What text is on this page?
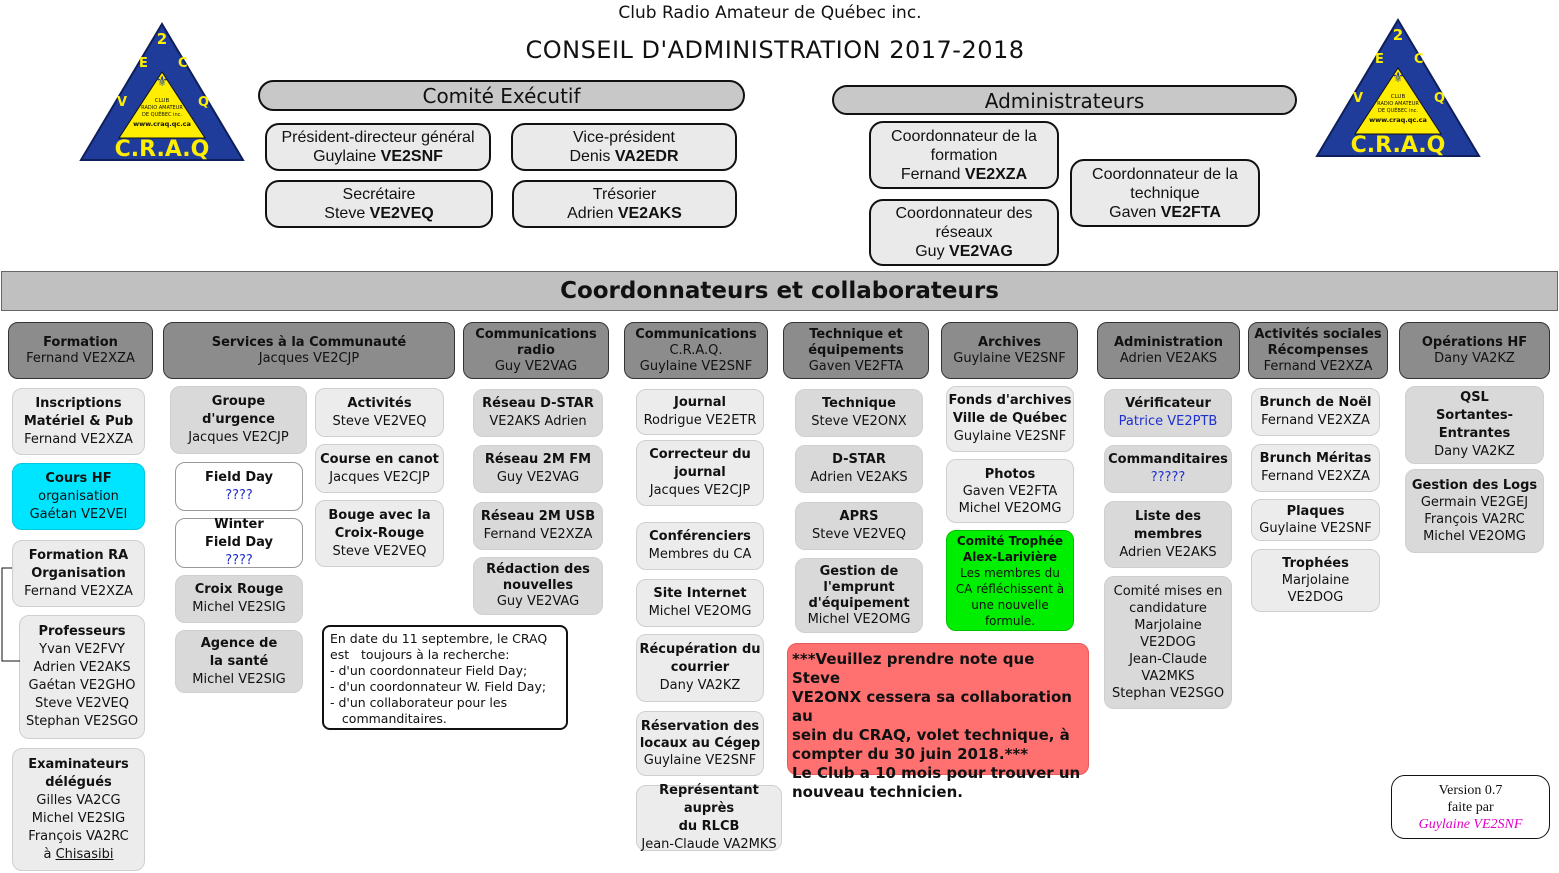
Club Radio Amateur de Québec inc.
CONSEIL D'ADMINISTRATION 2017-2018
2
E C
V	Q
⚜
CLUB
RADIO AMATEUR
DE QUÉBEC inc.
www.craq.qc.ca
C.R.A.Q
2
E C
V	Q
⚜
CLUB
RADIO AMATEUR
DE QUÉBEC inc.
www.craq.qc.ca
C.R.A.Q
Comité Exécutif
Président-directeur général
Guylaine VE2SNF
Vice-président
Denis VA2EDR
Secrétaire
Steve VE2VEQ
Trésorier
Adrien VE2AKS
Administrateurs
Coordonnateur de la
formation
Fernand VE2XZA	Coordonnateur de la
technique
Gaven VE2FTA
Coordonnateur des
réseaux
Guy VE2VAG
Coordonnateurs et collaborateurs
Formation
Fernand VE2XZA
Services à la Communauté
Jacques VE2CJP
Communications
radio
Guy VE2VAG
Communications
C.R.A.Q.
Guylaine VE2SNF
Technique et
équipements
Gaven VE2FTA
Archives
Guylaine VE2SNF
Administration
Adrien VE2AKS
Activités sociales
Récompenses
Fernand VE2XZA
Opérations HF
Dany VA2KZ
Inscriptions
Matériel & Pub
Fernand VE2XZA
Cours HF
organisation
Gaétan VE2VEI
Formation RA
Organisation
Fernand VE2XZA
Professeurs
Yvan VE2FVY
Adrien VE2AKS
Gaétan VE2GHO
Steve VE2VEQ
Stephan VE2SGO
Examinateurs
délégués
Gilles VA2CG
Michel VE2SIG
François VA2RC
à Chisasibi
Groupe
d'urgence
Jacques VE2CJP
Field Day
????
Winter
Field Day
????
Croix Rouge
Michel VE2SIG
Agence de
la santé
Michel VE2SIG
Activités
Steve VE2VEQ
Course en canot
Jacques VE2CJP
Bouge avec la
Croix-Rouge
Steve VE2VEQ
En date du 11 septembre, le CRAQ
est   toujours à la recherche:
- d'un coordonnateur Field Day;
- d'un coordonnateur W. Field Day;
- d'un collaborateur pour les
commanditaires.
Réseau D-STAR
VE2AKS Adrien
Réseau 2M FM
Guy VE2VAG
Réseau 2M USB
Fernand VE2XZA
Rédaction des
nouvelles
Guy VE2VAG
Journal
Rodrigue VE2ETR
Correcteur du
journal
Jacques VE2CJP
Conférenciers
Membres du CA
Site Internet
Michel VE2OMG
Récupération du
courrier
Dany VA2KZ
Réservation des
locaux au Cégep
Guylaine VE2SNF
Représentant auprès
du RLCB
Jean-Claude VA2MKS
Technique
Steve VE2ONX
D-STAR
Adrien VE2AKS
APRS
Steve VE2VEQ
Gestion de
l'emprunt
d'équipement
Michel VE2OMG
***Veuillez prendre note que Steve
VE2ONX cessera sa collaboration au
sein du CRAQ, volet technique, à
compter du 30 juin 2018.***
Le Club a 10 mois pour trouver un
nouveau technicien.
Fonds d'archives
Ville de Québec
Guylaine VE2SNF
Photos
Gaven VE2FTA
Michel VE2OMG
Comité Trophée
Alex-Larivière
Les membres du
CA réfléchissent à
une nouvelle
formule.
Vérificateur
Patrice VE2PTB
Commanditaires
?????
Liste des
membres
Adrien VE2AKS
Comité mises en
candidature
Marjolaine
VE2DOG
Jean-Claude
VA2MKS
Stephan VE2SGO
Brunch de Noël
Fernand VE2XZA
Brunch Méritas
Fernand VE2XZA
Plaques
Guylaine VE2SNF
Trophées
Marjolaine
VE2DOG
QSL
Sortantes-
Entrantes
Dany VA2KZ
Gestion des Logs
Germain VE2GEJ
François VA2RC
Michel VE2OMG
Version 0.7
faite par
Guylaine VE2SNF
